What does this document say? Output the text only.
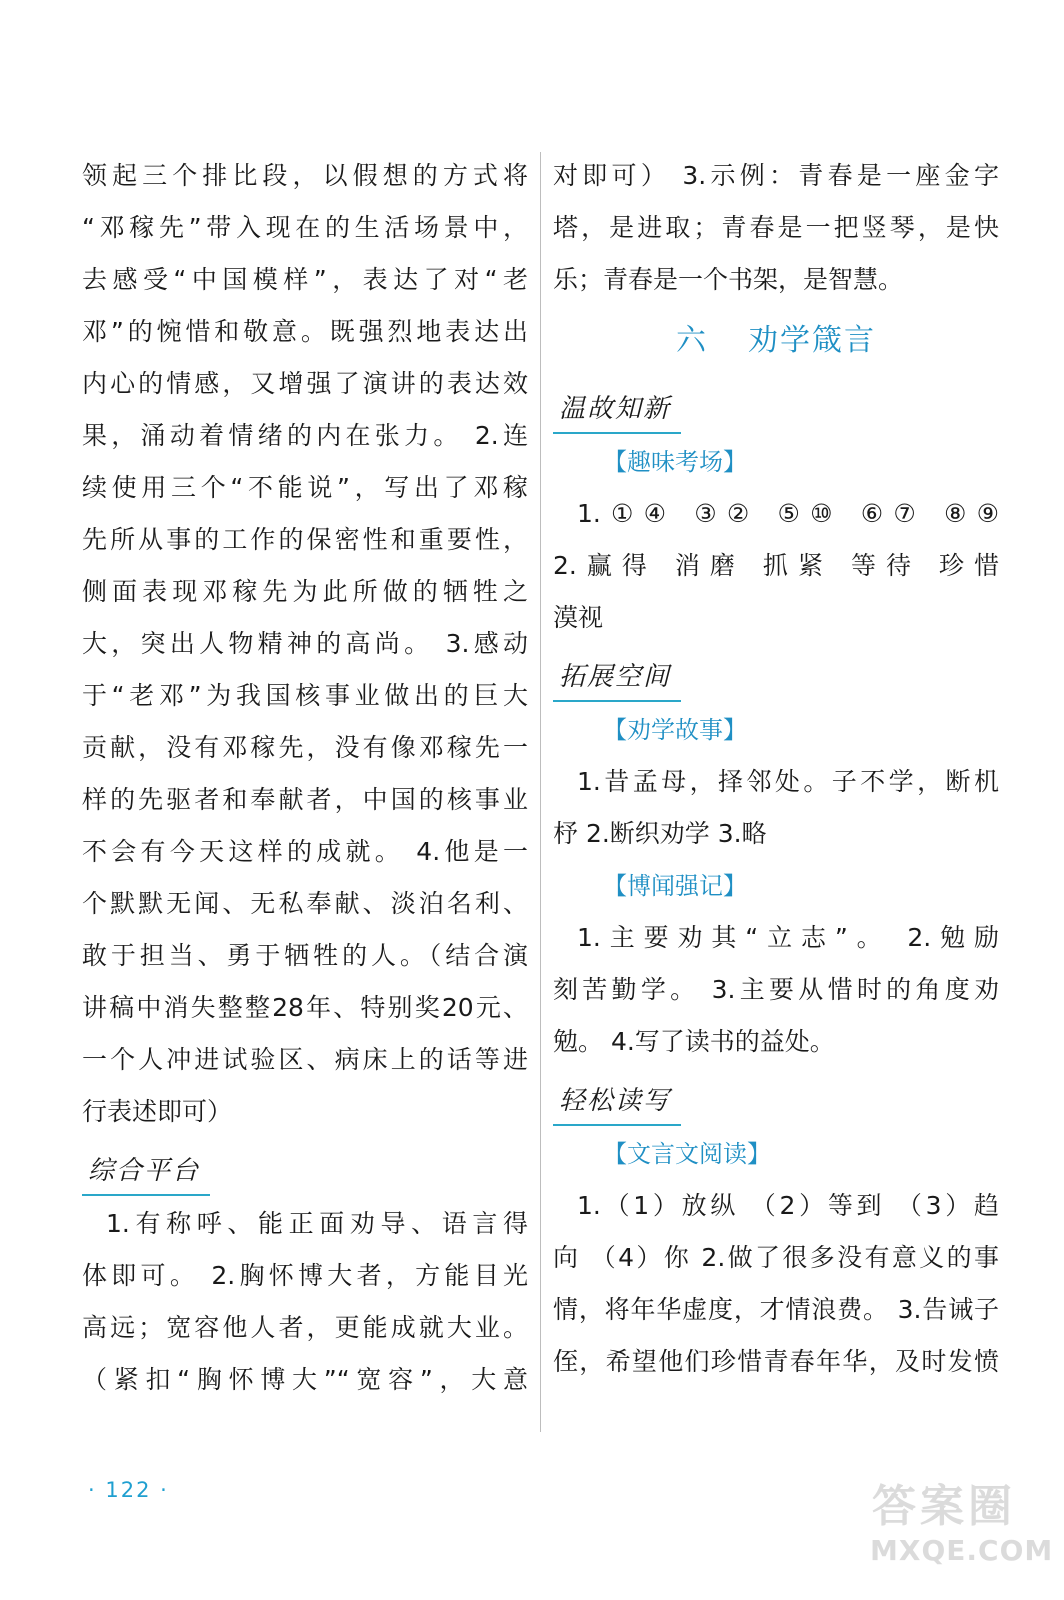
领起三个排比段，以假想的方式将
“邓稼先”带入现在的生活场景中，
去感受“中国模样”，表达了对“老
邓”的惋惜和敬意。既强烈地表达出
内心的情感，又增强了演讲的表达效
果，涌动着情绪的内在张力。 2.连
续使用三个“不能说”，写出了邓稼
先所从事的工作的保密性和重要性，
侧面表现邓稼先为此所做的牺牲之
大，突出人物精神的高尚。 3.感动
于“老邓”为我国核事业做出的巨大
贡献，没有邓稼先，没有像邓稼先一
样的先驱者和奉献者，中国的核事业
不会有今天这样的成就。 4.他是一
个默默无闻、无私奉献、淡泊名利、
敢于担当、勇于牺牲的人。（结合演
讲稿中消失整整28年、特别奖20元、
一个人冲进试验区、病床上的话等进
行表述即可）
综合平台
1.有称呼、能正面劝导、语言得
体即可。 2.胸怀博大者，方能目光
高远；宽容他人者，更能成就大业。
（紧扣“胸怀博大”“宽容”，大意
对即可） 3.示例：青春是一座金字
塔，是进取；青春是一把竖琴，是快
乐；青春是一个书架，是智慧。
六 劝学箴言
温故知新
【趣味考场】
1.①④ ③② ⑤⑩ ⑥⑦ ⑧⑨
2.赢得 消磨 抓紧 等待 珍惜
漠视
拓展空间
【劝学故事】
1.昔孟母，择邻处。子不学，断机
杼 2.断织劝学 3.略
【博闻强记】
1.主要劝其“立志”。 2.勉励
刻苦勤学。 3.主要从惜时的角度劝
勉。 4.写了读书的益处。
轻松读写
【文言文阅读】
1.（1）放纵 （2）等到 （3）趋
向 （4）你 2.做了很多没有意义的事
情，将年华虚度，才情浪费。 3.告诫子
侄，希望他们珍惜青春年华，及时发愤
· 122 ·	答案圈
MXQE.COM
